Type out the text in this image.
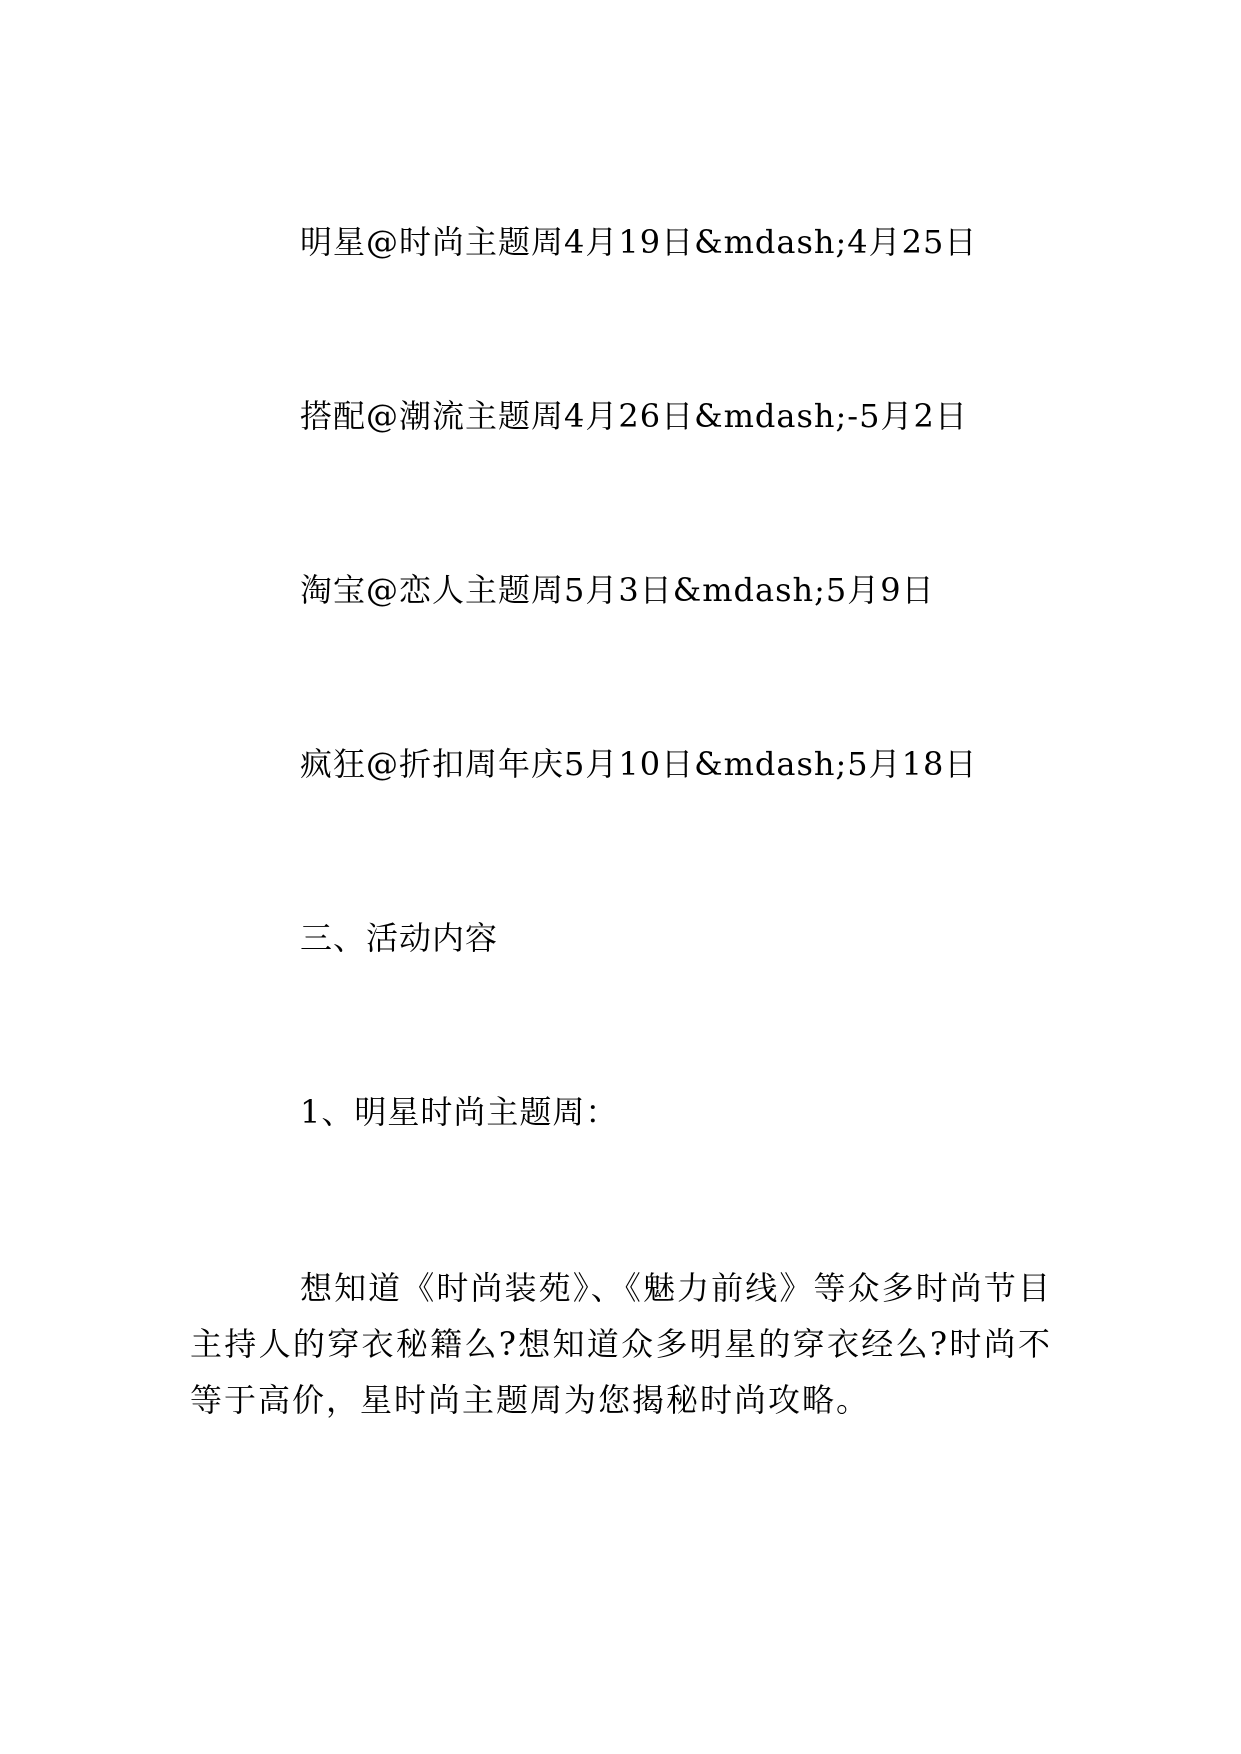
明星@时尚主题周4月19日&mdash;4月25日
搭配@潮流主题周4月26日&mdash;-5月2日
淘宝@恋人主题周5月3日&mdash;5月9日
疯狂@折扣周年庆5月10日&mdash;5月18日
三、活动内容
1、明星时尚主题周：
想知道《时尚装苑》、《魅力前线》等众多时尚节目主持人的穿衣秘籍么?想知道众多明星的穿衣经么?时尚不等于高价，星时尚主题周为您揭秘时尚攻略。
